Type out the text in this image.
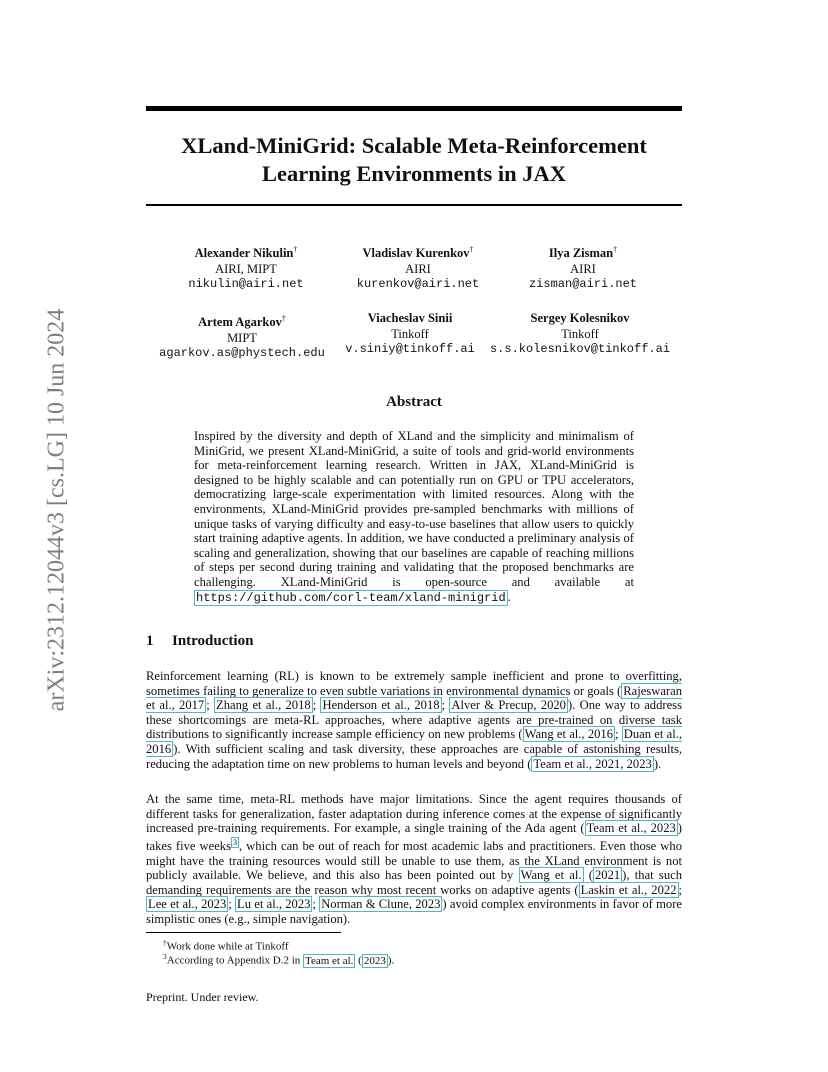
XLand-MiniGrid: Scalable Meta-Reinforcement
Learning Environments in JAX
arXiv:2312.12044v3 [cs.LG] 10 Jun 2024
Alexander Nikulin†
AIRI, MIPT
nikulin@airi.net
Vladislav Kurenkov†
AIRI
kurenkov@airi.net
Ilya Zisman†
AIRI
zisman@airi.net
Artem Agarkov†
MIPT
agarkov.as@phystech.edu
Viacheslav Sinii
Tinkoff
v.siniy@tinkoff.ai
Sergey Kolesnikov
Tinkoff
s.s.kolesnikov@tinkoff.ai
Abstract
Inspired by the diversity and depth of XLand and the simplicity and minimalism of MiniGrid, we present XLand-MiniGrid, a suite of tools and grid-world environments for meta-reinforcement learning research. Written in JAX, XLand-MiniGrid is designed to be highly scalable and can potentially run on GPU or TPU accelerators, democratizing large-scale experimentation with limited resources. Along with the environments, XLand-MiniGrid provides pre-sampled benchmarks with millions of unique tasks of varying difficulty and easy-to-use baselines that allow users to quickly start training adaptive agents. In addition, we have conducted a preliminary analysis of scaling and generalization, showing that our baselines are capable of reaching millions of steps per second during training and validating that the proposed benchmarks are challenging. XLand-MiniGrid is open-source and available at https://github.com/corl-team/xland-minigrid .
1 Introduction
Reinforcement learning (RL) is known to be extremely sample inefficient and prone to overfitting, sometimes failing to generalize to even subtle variations in environmental dynamics or goals ( Rajeswaran et al., 2017 ; Zhang et al., 2018 ; Henderson et al., 2018 ; Alver & Precup, 2020 ). One way to address these shortcomings are meta-RL approaches, where adaptive agents are pre-trained on diverse task distributions to significantly increase sample efficiency on new problems ( Wang et al., 2016 ; Duan et al., 2016 ). With sufficient scaling and task diversity, these approaches are capable of astonishing results, reducing the adaptation time on new problems to human levels and beyond ( Team et al., 2021, 2023 ).
At the same time, meta-RL methods have major limitations. Since the agent requires thousands of different tasks for generalization, faster adaptation during inference comes at the expense of significantly increased pre-training requirements. For example, a single training of the Ada agent ( Team et al., 2023 ) takes five weeks $^3$ , which can be out of reach for most academic labs and practitioners. Even those who might have the training resources would still be unable to use them, as the XLand environment is not publicly available. We believe, and this also has been pointed out by Wang et al. ( 2021 ), that such demanding requirements are the reason why most recent works on adaptive agents ( Laskin et al., 2022 ; Lee et al., 2023 ; Lu et al., 2023 ; Norman & Clune, 2023 ) avoid complex environments in favor of more simplistic ones (e.g., simple navigation).
†Work done while at Tinkoff
$^3$According to Appendix D.2 in Team et al. ( 2023 ).
Preprint. Under review.
